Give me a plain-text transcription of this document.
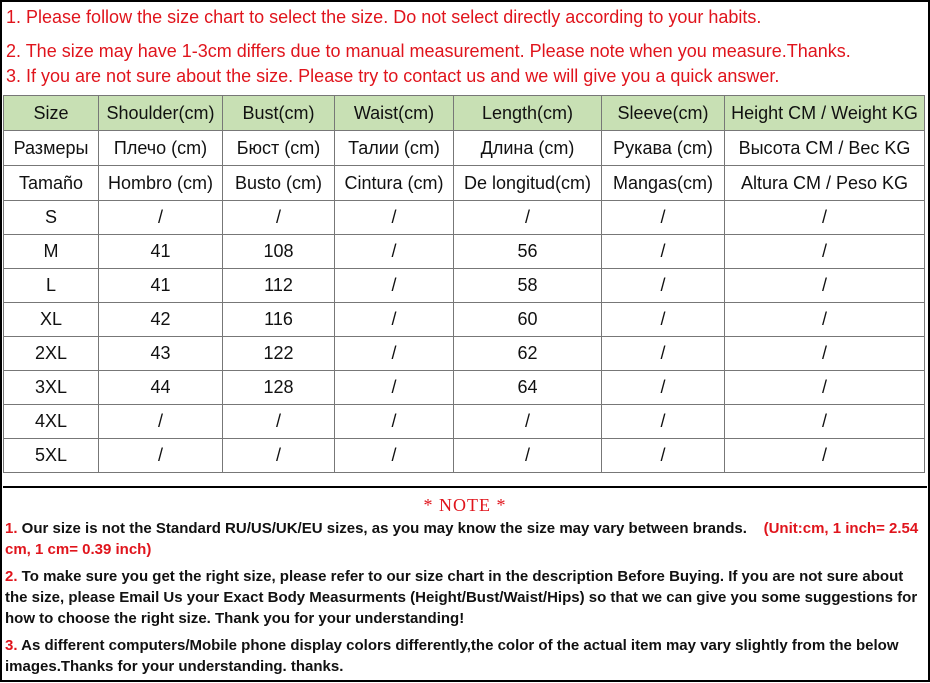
1. Please follow the size chart to select the size. Do not select directly according to your habits.
2. The size may have 1-3cm differs due to manual measurement. Please note when you measure.Thanks.
3. If you are not sure about the size. Please try to contact us and we will give you a quick answer.
Size	Shoulder(cm)	Bust(cm)	Waist(cm)	Length(cm)	Sleeve(cm)	Height CM / Weight KG
Размеры	Плечо (cm)	Бюст (cm)	Талии (cm)	Длина (cm)	Рукава (cm)	Высота CM / Вес KG
Tamaño	Hombro (cm)	Busto (cm)	Cintura (cm)	De longitud(cm)	Mangas(cm)	Altura CM / Peso KG
S	/	/	/	/	/	/
M	41	108	/	56	/	/
L	41	112	/	58	/	/
XL	42	116	/	60	/	/
2XL	43	122	/	62	/	/
3XL	44	128	/	64	/	/
4XL	/	/	/	/	/	/
5XL	/	/	/	/	/	/
* NOTE *
1. Our size is not the Standard RU/US/UK/EU sizes, as you may know the size may vary between brands. (Unit:cm, 1 inch= 2.54 cm, 1 cm= 0.39 inch)
2. To make sure you get the right size, please refer to our size chart in the description Before Buying. If you are not sure about the size, please Email Us your Exact Body Measurments (Height/Bust/Waist/Hips) so that we can give you some suggestions for how to choose the right size. Thank you for your understanding!
3. As different computers/Mobile phone display colors differently,the color of the actual item may vary slightly from the below images.Thanks for your understanding. thanks.
